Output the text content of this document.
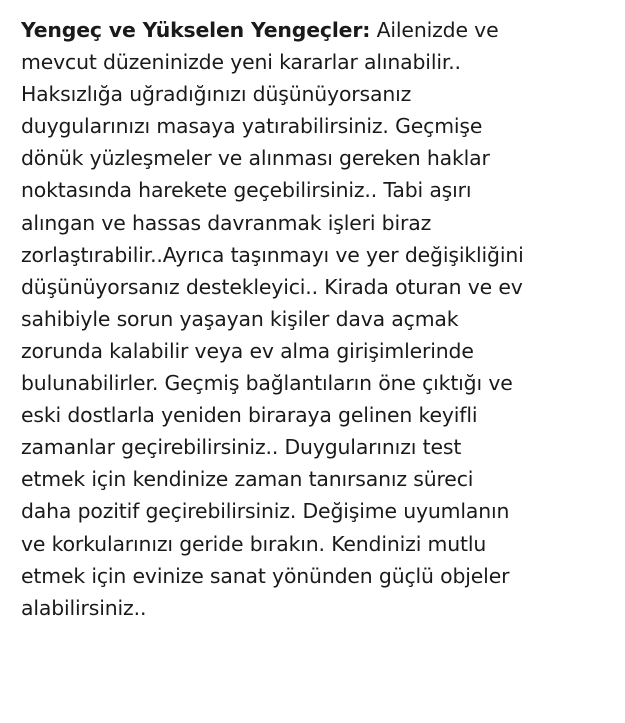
Yengeç ve Yükselen Yengeçler: Ailenizde ve
mevcut düzeninizde yeni kararlar alınabilir..
Haksızlığa uğradığınızı düşünüyorsanız
duygularınızı masaya yatırabilirsiniz. Geçmişe
dönük yüzleşmeler ve alınması gereken haklar
noktasında harekete geçebilirsiniz.. Tabi aşırı
alıngan ve hassas davranmak işleri biraz
zorlaştırabilir..Ayrıca taşınmayı ve yer değişikliğini
düşünüyorsanız destekleyici.. Kirada oturan ve ev
sahibiyle sorun yaşayan kişiler dava açmak
zorunda kalabilir veya ev alma girişimlerinde
bulunabilirler. Geçmiş bağlantıların öne çıktığı ve
eski dostlarla yeniden biraraya gelinen keyifli
zamanlar geçirebilirsiniz.. Duygularınızı test
etmek için kendinize zaman tanırsanız süreci
daha pozitif geçirebilirsiniz. Değişime uyumlanın
ve korkularınızı geride bırakın. Kendinizi mutlu
etmek için evinize sanat yönünden güçlü objeler
alabilirsiniz..
